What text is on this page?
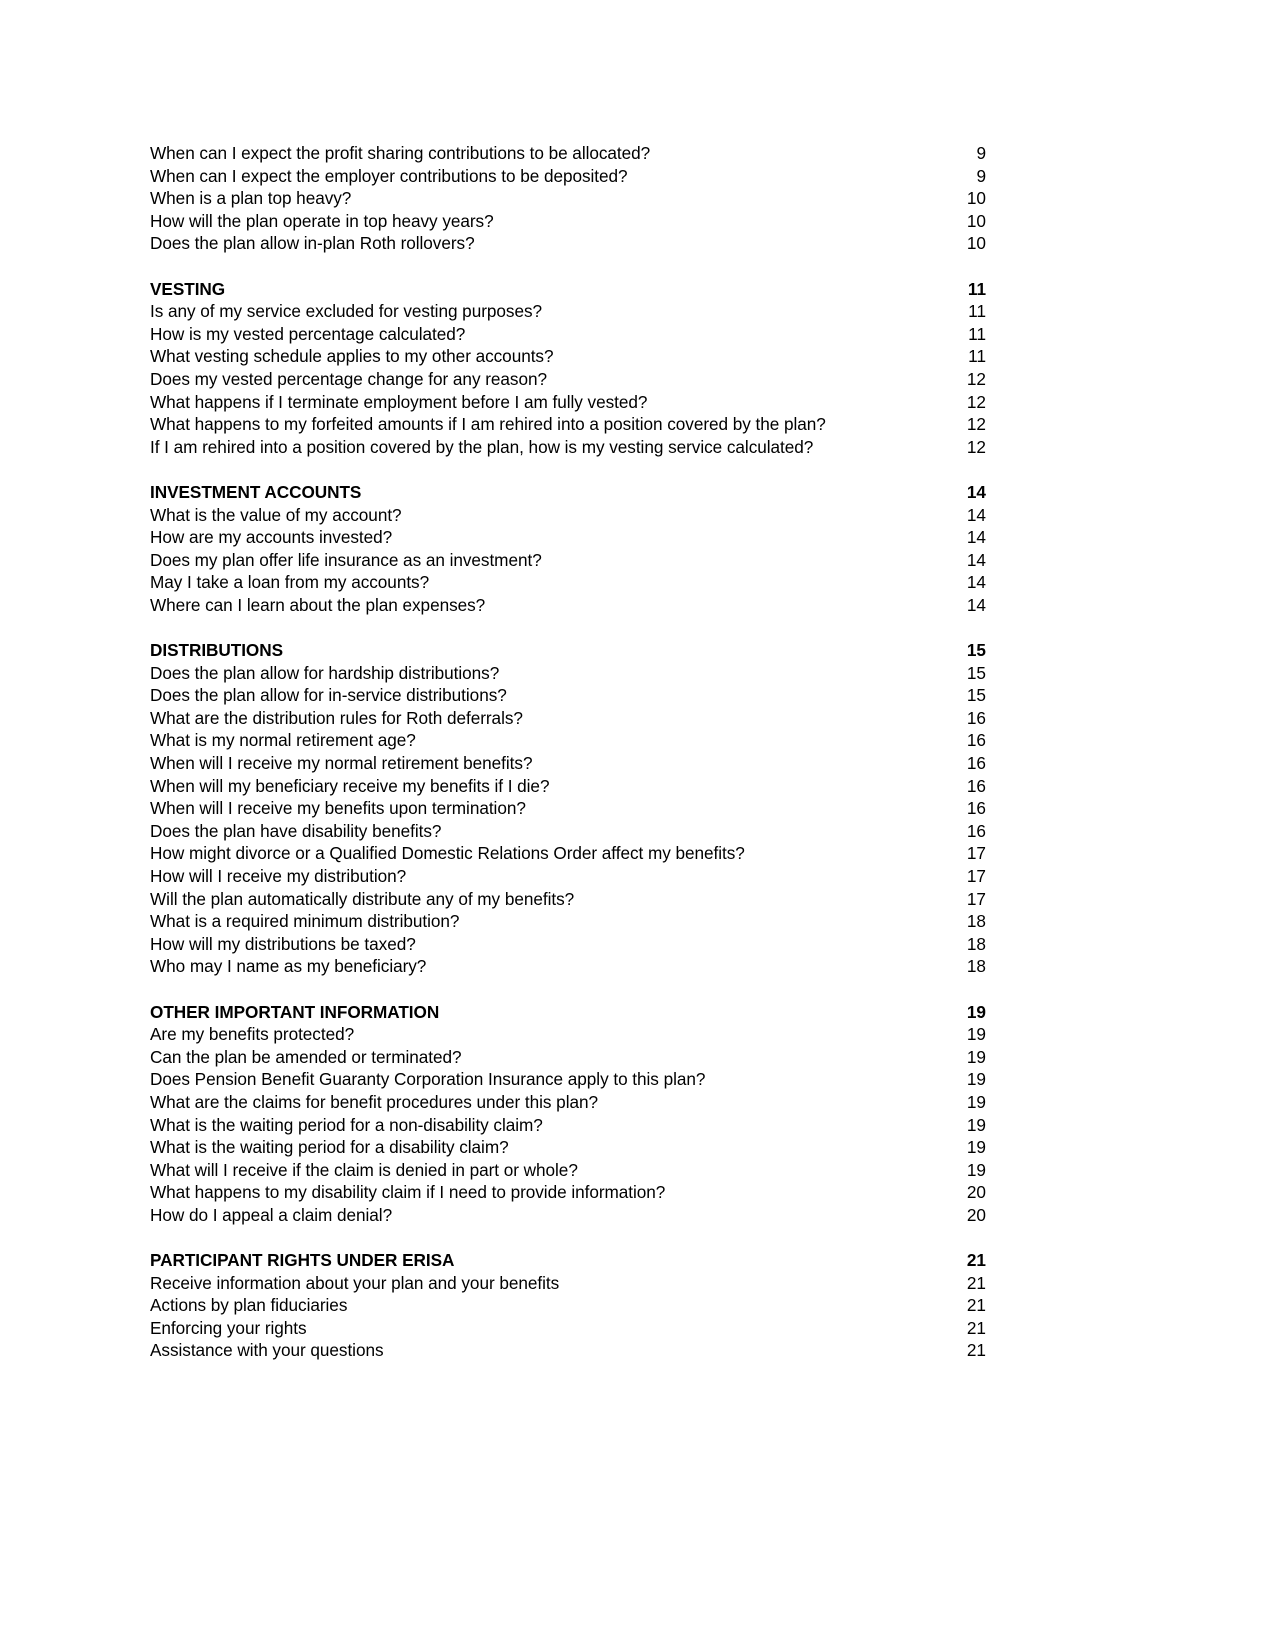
When can I expect the profit sharing contributions to be allocated?	9
When can I expect the employer contributions to be deposited?	9
When is a plan top heavy?	10
How will the plan operate in top heavy years?	10
Does the plan allow in-plan Roth rollovers?	10
VESTING	11
Is any of my service excluded for vesting purposes?	11
How is my vested percentage calculated?	11
What vesting schedule applies to my other accounts?	11
Does my vested percentage change for any reason?	12
What happens if I terminate employment before I am fully vested?	12
What happens to my forfeited amounts if I am rehired into a position covered by the plan?	12
If I am rehired into a position covered by the plan, how is my vesting service calculated?	12
INVESTMENT ACCOUNTS	14
What is the value of my account?	14
How are my accounts invested?	14
Does my plan offer life insurance as an investment?	14
May I take a loan from my accounts?	14
Where can I learn about the plan expenses?	14
DISTRIBUTIONS	15
Does the plan allow for hardship distributions?	15
Does the plan allow for in-service distributions?	15
What are the distribution rules for Roth deferrals?	16
What is my normal retirement age?	16
When will I receive my normal retirement benefits?	16
When will my beneficiary receive my benefits if I die?	16
When will I receive my benefits upon termination?	16
Does the plan have disability benefits?	16
How might divorce or a Qualified Domestic Relations Order affect my benefits?	17
How will I receive my distribution?	17
Will the plan automatically distribute any of my benefits?	17
What is a required minimum distribution?	18
How will my distributions be taxed?	18
Who may I name as my beneficiary?	18
OTHER IMPORTANT INFORMATION	19
Are my benefits protected?	19
Can the plan be amended or terminated?	19
Does Pension Benefit Guaranty Corporation Insurance apply to this plan?	19
What are the claims for benefit procedures under this plan?	19
What is the waiting period for a non-disability claim?	19
What is the waiting period for a disability claim?	19
What will I receive if the claim is denied in part or whole?	19
What happens to my disability claim if I need to provide information?	20
How do I appeal a claim denial?	20
PARTICIPANT RIGHTS UNDER ERISA	21
Receive information about your plan and your benefits	21
Actions by plan fiduciaries	21
Enforcing your rights	21
Assistance with your questions	21
